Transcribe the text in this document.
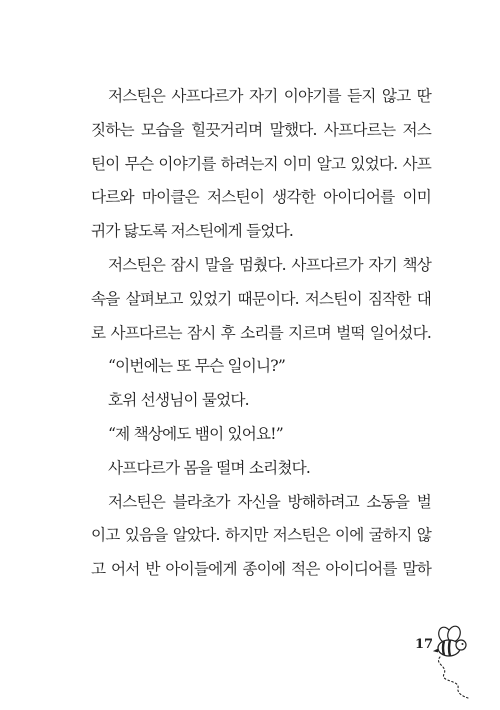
저스틴은 사프다르가 자기 이야기를 듣지 않고 딴
짓하는 모습을 힐끗거리며 말했다. 사프다르는 저스
틴이 무슨 이야기를 하려는지 이미 알고 있었다. 사프
다르와 마이클은 저스틴이 생각한 아이디어를 이미
귀가 닳도록 저스틴에게 들었다.
저스틴은 잠시 말을 멈췄다. 사프다르가 자기 책상
속을 살펴보고 있었기 때문이다. 저스틴이 짐작한 대
로 사프다르는 잠시 후 소리를 지르며 벌떡 일어섰다.
“이번에는 또 무슨 일이니?”
호위 선생님이 물었다.
“제 책상에도 뱀이 있어요!”
사프다르가 몸을 떨며 소리쳤다.
저스틴은 블라초가 자신을 방해하려고 소동을 벌
이고 있음을 알았다. 하지만 저스틴은 이에 굴하지 않
고 어서 반 아이들에게 종이에 적은 아이디어를 말하
17
